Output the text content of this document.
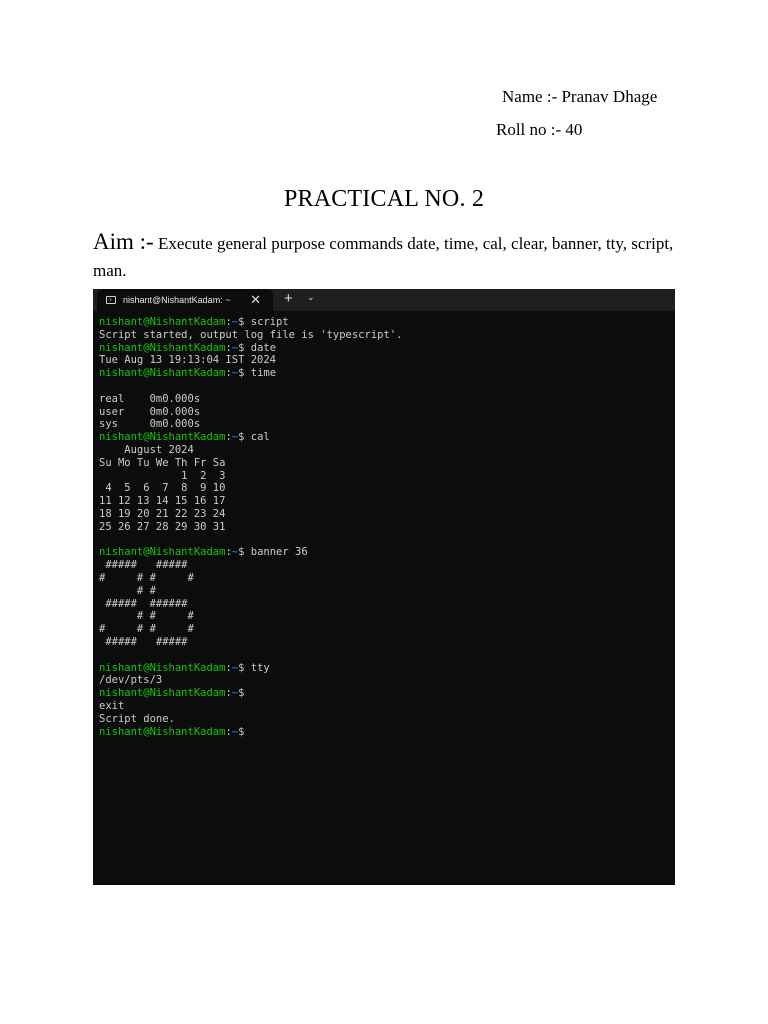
Name :- Pranav Dhage
Roll no :- 40
PRACTICAL NO. 2
Aim :- Execute general purpose commands date, time, cal, clear, banner, tty, script, man.
nishant@NishantKadam: ~ ✕ + ⌄
nishant@NishantKadam:~$ script
Script started, output log file is 'typescript'.
nishant@NishantKadam:~$ date
Tue Aug 13 19:13:04 IST 2024
nishant@NishantKadam:~$ time
real    0m0.000s
user    0m0.000s
sys     0m0.000s
nishant@NishantKadam:~$ cal
August 2024
Su Mo Tu We Th Fr Sa
1  2  3
4  5  6  7  8  9 10
11 12 13 14 15 16 17
18 19 20 21 22 23 24
25 26 27 28 29 30 31
nishant@NishantKadam:~$ banner 36
#####   #####
#     # #     #
# #
#####  ######
# #     #
#     # #     #
#####   #####
nishant@NishantKadam:~$ tty
/dev/pts/3
nishant@NishantKadam:~$
exit
Script done.
nishant@NishantKadam:~$
